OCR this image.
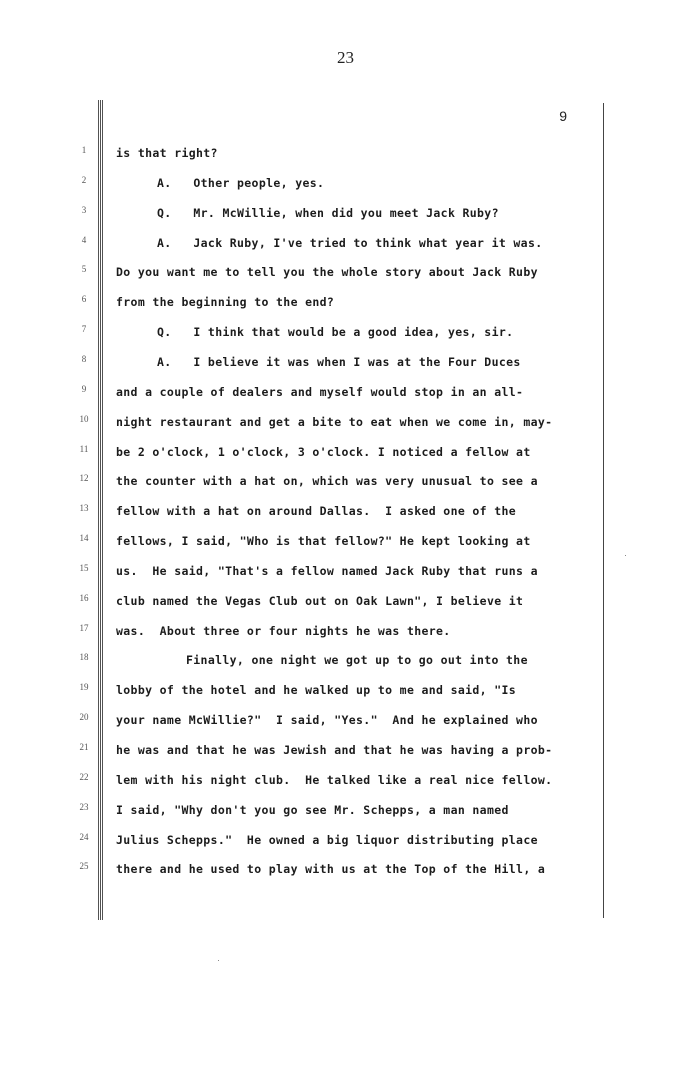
23
9
1
2
3
4
5
6
7
8
9
10
11
12
13
14
15
16
17
18
19
20
21
22
23
24
25
is that right?
A.   Other people, yes.
Q.   Mr. McWillie, when did you meet Jack Ruby?
A.   Jack Ruby, I've tried to think what year it was.
Do you want me to tell you the whole story about Jack Ruby
from the beginning to the end?
Q.   I think that would be a good idea, yes, sir.
A.   I believe it was when I was at the Four Duces
and a couple of dealers and myself would stop in an all-
night restaurant and get a bite to eat when we come in, may-
be 2 o'clock, 1 o'clock, 3 o'clock. I noticed a fellow at
the counter with a hat on, which was very unusual to see a
fellow with a hat on around Dallas.  I asked one of the
fellows, I said, "Who is that fellow?" He kept looking at
us.  He said, "That's a fellow named Jack Ruby that runs a
club named the Vegas Club out on Oak Lawn", I believe it
was.  About three or four nights he was there.
Finally, one night we got up to go out into the
lobby of the hotel and he walked up to me and said, "Is
your name McWillie?"  I said, "Yes."  And he explained who
he was and that he was Jewish and that he was having a prob-
lem with his night club.  He talked like a real nice fellow.
I said, "Why don't you go see Mr. Schepps, a man named
Julius Schepps."  He owned a big liquor distributing place
there and he used to play with us at the Top of the Hill, a
